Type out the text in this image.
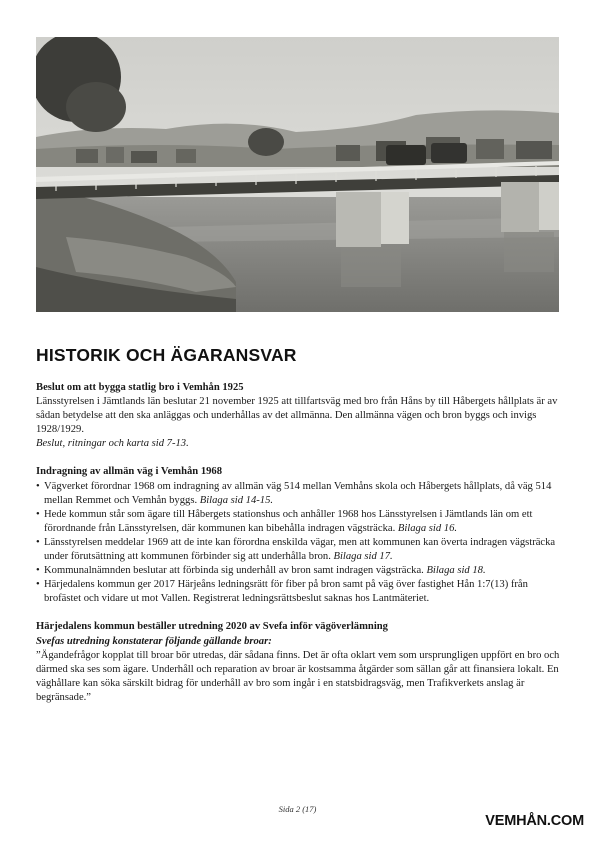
HISTORIK OCH ÄGARANSVAR
Beslut om att bygga statlig bro i Vemhån 1925
Länsstyrelsen i Jämtlands län beslutar 21 november 1925 att tillfartsväg med bro från Håns by till Håbergets hållplats är av sådan betydelse att den ska anläggas och underhållas av det allmänna. Den allmänna vägen och bron byggs och invigs 1928/1929.
Beslut, ritningar och karta sid 7-13.
Indragning av allmän väg i Vemhån 1968
• Vägverket förordnar 1968 om indragning av allmän väg 514 mellan Vemhåns skola och Håbergets hållplats, då väg 514 mellan Remmet och Vemhån byggs. Bilaga sid 14-15.
• Hede kommun står som ägare till Håbergets stationshus och anhåller 1968 hos Länsstyrelsen i Jämtlands län om ett förordnande från Länsstyrelsen, där kommunen kan bibehålla indragen vägsträcka. Bilaga sid 16.
• Länsstyrelsen meddelar 1969 att de inte kan förordna enskilda vägar, men att kommunen kan överta indragen vägsträcka under förutsättning att kommunen förbinder sig att underhålla bron. Bilaga sid 17.
• Kommunalnämnden beslutar att förbinda sig underhåll av bron samt indragen vägsträcka. Bilaga sid 18.
• Härjedalens kommun ger 2017 Härjeåns ledningsrätt för fiber på bron samt på väg över fastighet Hån 1:7(13) från brofästet och vidare ut mot Vallen. Registrerat ledningsrättsbeslut saknas hos Lantmäteriet.
Härjedalens kommun beställer utredning 2020 av Svefa inför vägöverlämning
Svefas utredning konstaterar följande gällande broar:
”Ägandefrågor kopplat till broar bör utredas, där sådana finns. Det är ofta oklart vem som ursprungligen uppfört en bro och därmed ska ses som ägare. Underhåll och reparation av broar är kostsamma åtgärder som sällan går att finansiera lokalt. En väghållare kan söka särskilt bidrag för underhåll av bro som ingår i en statsbidragsväg, men Trafikverkets anslag är begränsade.”
Sida 2 (17)
VEMHÅN.COM
